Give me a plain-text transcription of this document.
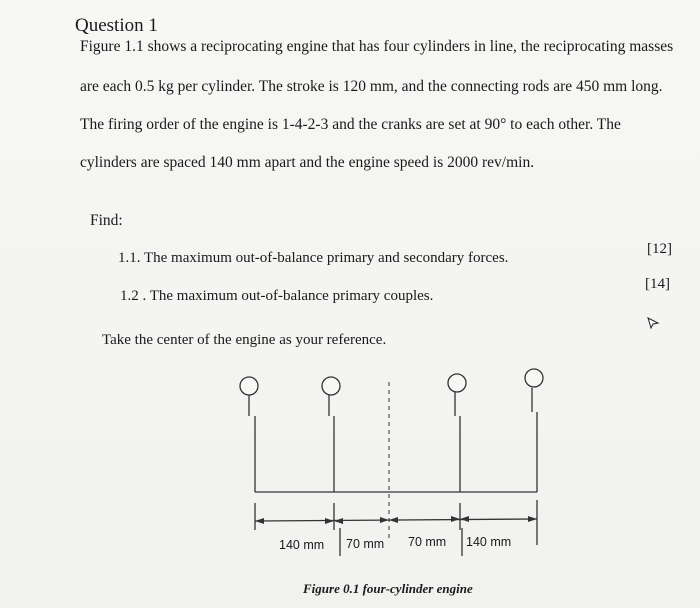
Question 1
Figure 1.1 shows a reciprocating engine that has four cylinders in line, the reciprocating masses
are each 0.5 kg per cylinder. The stroke is 120 mm, and the connecting rods are 450 mm long.
The firing order of the engine is 1-4-2-3 and the cranks are set at 90° to each other. The
cylinders are spaced 140 mm apart and the engine speed is 2000 rev/min.
Find:
1.1. The maximum out-of-balance primary and secondary forces.
[12]
1.2 . The maximum out-of-balance primary couples.
[14]
Take the center of the engine as your reference.
140 mm 70 mm 70 mm 140 mm
Figure 0.1 four-cylinder engine
